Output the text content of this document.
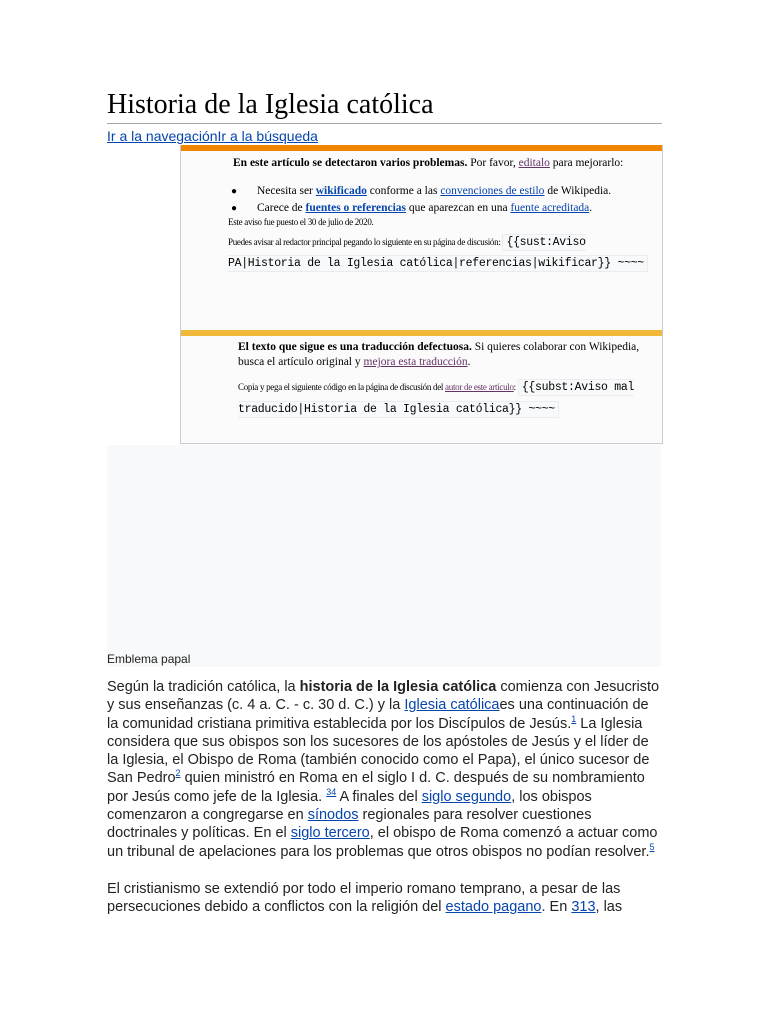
Historia de la Iglesia católica
Ir a la navegaciónIr a la búsqueda

En este artículo se detectaron varios problemas. Por favor, editalo para mejorarlo:

● Necesita ser wikificado conforme a las convenciones de estilo de Wikipedia.
● Carece de fuentes o referencias que aparezcan en una fuente acreditada.

Este aviso fue puesto el 30 de julio de 2020.

Puedes avisar al redactor principal pegando lo siguiente en su página de discusión: {{sust:Aviso PA|Historia de la Iglesia católica|referencias|wikificar}} ~~~~

El texto que sigue es una traducción defectuosa. Si quieres colaborar con Wikipedia, busca el artículo original y mejora esta traducción.

Copia y pega el siguiente código en la página de discusión del autor de este artículo: {{subst:Aviso mal traducido|Historia de la Iglesia católica}} ~~~~

Emblema papal

Según la tradición católica, la historia de la Iglesia católica comienza con Jesucristo y sus enseñanzas (c. 4 a. C. - c. 30 d. C.) y la Iglesia católicaes una continuación de la comunidad cristiana primitiva establecida por los Discípulos de Jesús.$^1$ La Iglesia considera que sus obispos son los sucesores de los apóstoles de Jesús y el líder de la Iglesia, el Obispo de Roma (también conocido como el Papa), el único sucesor de San Pedro$^2$ quien ministró en Roma en el siglo I d. C. después de su nombramiento por Jesús como jefe de la Iglesia. $^{34}$ A finales del siglo segundo, los obispos comenzaron a congregarse en sínodos regionales para resolver cuestiones doctrinales y políticas. En el siglo tercero, el obispo de Roma comenzó a actuar como un tribunal de apelaciones para los problemas que otros obispos no podían resolver.$^5$

El cristianismo se extendió por todo el imperio romano temprano, a pesar de las persecuciones debido a conflictos con la religión del estado pagano. En 313, las
